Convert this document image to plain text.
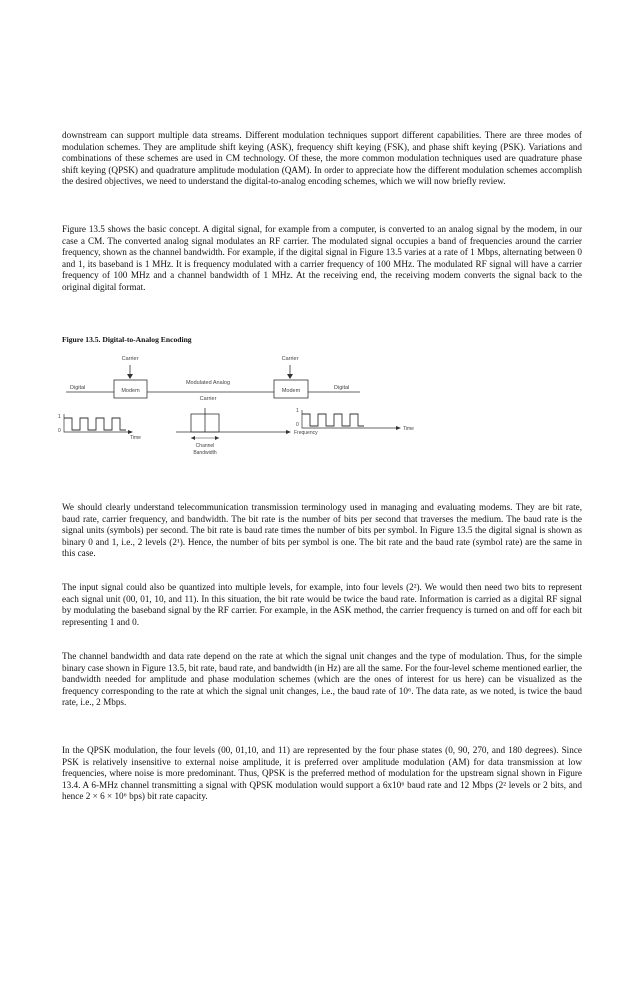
downstream can support multiple data streams. Different modulation techniques support different capabilities. There are three modes of modulation schemes. They are amplitude shift keying (ASK), frequency shift keying (FSK), and phase shift keying (PSK). Variations and combinations of these schemes are used in CM technology. Of these, the more common modulation techniques used are quadrature phase shift keying (QPSK) and quadrature amplitude modulation (QAM). In order to appreciate how the different modulation schemes accomplish the desired objectives, we need to understand the digital-to-analog encoding schemes, which we will now briefly review.

Figure 13.5 shows the basic concept. A digital signal, for example from a computer, is converted to an analog signal by the modem, in our case a CM. The converted analog signal modulates an RF carrier. The modulated signal occupies a band of frequencies around the carrier frequency, shown as the channel bandwidth. For example, if the digital signal in Figure 13.5 varies at a rate of 1 Mbps, alternating between 0 and 1, its baseband is 1 MHz. It is frequency modulated with a carrier frequency of 100 MHz. The modulated RF signal will have a carrier frequency of 100 MHz and a channel bandwidth of 1 MHz. At the receiving end, the receiving modem converts the signal back to the original digital format.

Figure 13.5. Digital-to-Analog Encoding

Carrier	Carrier
Modem	Modem
Digital
Modulated Analog
Carrier
Digital
1
0
Time
Frequency
Channel
Bandwidth
1
0
Time

We should clearly understand telecommunication transmission terminology used in managing and evaluating modems. They are bit rate, baud rate, carrier frequency, and bandwidth. The bit rate is the number of bits per second that traverses the medium. The baud rate is the signal units (symbols) per second. The bit rate is baud rate times the number of bits per symbol. In Figure 13.5 the digital signal is shown as binary 0 and 1, i.e., 2 levels (2¹). Hence, the number of bits per symbol is one. The bit rate and the baud rate (symbol rate) are the same in this case.

The input signal could also be quantized into multiple levels, for example, into four levels (2²). We would then need two bits to represent each signal unit (00, 01, 10, and 11). In this situation, the bit rate would be twice the baud rate. Information is carried as a digital RF signal by modulating the baseband signal by the RF carrier. For example, in the ASK method, the carrier frequency is turned on and off for each bit representing 1 and 0.

The channel bandwidth and data rate depend on the rate at which the signal unit changes and the type of modulation. Thus, for the simple binary case shown in Figure 13.5, bit rate, baud rate, and bandwidth (in Hz) are all the same. For the four-level scheme mentioned earlier, the bandwidth needed for amplitude and phase modulation schemes (which are the ones of interest for us here) can be visualized as the frequency corresponding to the rate at which the signal unit changes, i.e., the baud rate of 10⁶. The data rate, as we noted, is twice the baud rate, i.e., 2 Mbps.

In the QPSK modulation, the four levels (00, 01,10, and 11) are represented by the four phase states (0, 90, 270, and 180 degrees). Since PSK is relatively insensitive to external noise amplitude, it is preferred over amplitude modulation (AM) for data transmission at low frequencies, where noise is more predominant. Thus, QPSK is the preferred method of modulation for the upstream signal shown in Figure 13.4. A 6-MHz channel transmitting a signal with QPSK modulation would support a 6x10⁶ baud rate and 12 Mbps (2² levels or 2 bits, and hence 2 × 6 × 10⁶ bps) bit rate capacity.
